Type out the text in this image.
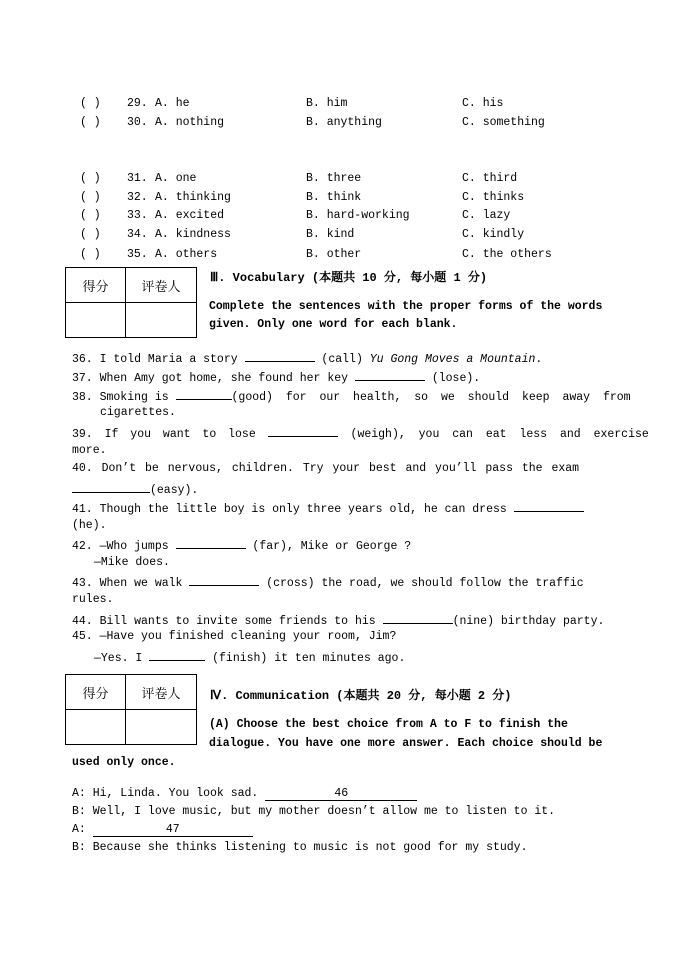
( ) 29. A. he	B. him	C. his
( ) 30. A. nothing	B. anything	C. something
( ) 31. A. one	B. three	C. third
( ) 32. A. thinking	B. think	C. thinks
( ) 33. A. excited	B. hard-working	C. lazy
( ) 34. A. kindness	B. kind	C. kindly
( ) 35. A. others	B. other	C. the others
得分	评卷人

Ⅲ. Vocabulary (本题共 10 分, 每小题 1 分)
Complete the sentences with the proper forms of the words
given. Only one word for each blank.
36. I told Maria a story	(call) Yu Gong Moves a Mountain.
37. When Amy got home, she found her key	(lose).
38. Smoking is	(good) for our health, so we should keep away from
cigarettes.
39. If you want to lose	(weigh), you can eat less and exercise
more.
40. Don’t be nervous, children. Try your best and you’ll pass the exam
(easy).
41. Though the little boy is only three years old, he can dress
(he).
42. —Who jumps	(far), Mike or George ?
—Mike does.
43. When we walk	(cross) the road, we should follow the traffic
rules.
44. Bill wants to invite some friends to his	(nine) birthday party.
45. —Have you finished cleaning your room, Jim?
—Yes. I	(finish) it ten minutes ago.
得分	评卷人
	Ⅳ. Communication (本题共 20 分, 每小题 2 分)
(A) Choose the best choice from A to F to finish the
dialogue. You have one more answer. Each choice should be
used only once.
A: Hi, Linda. You look sad.	46
B: Well, I love music, but my mother doesn’t allow me to listen to it.
A:	47
B: Because she thinks listening to music is not good for my study.
